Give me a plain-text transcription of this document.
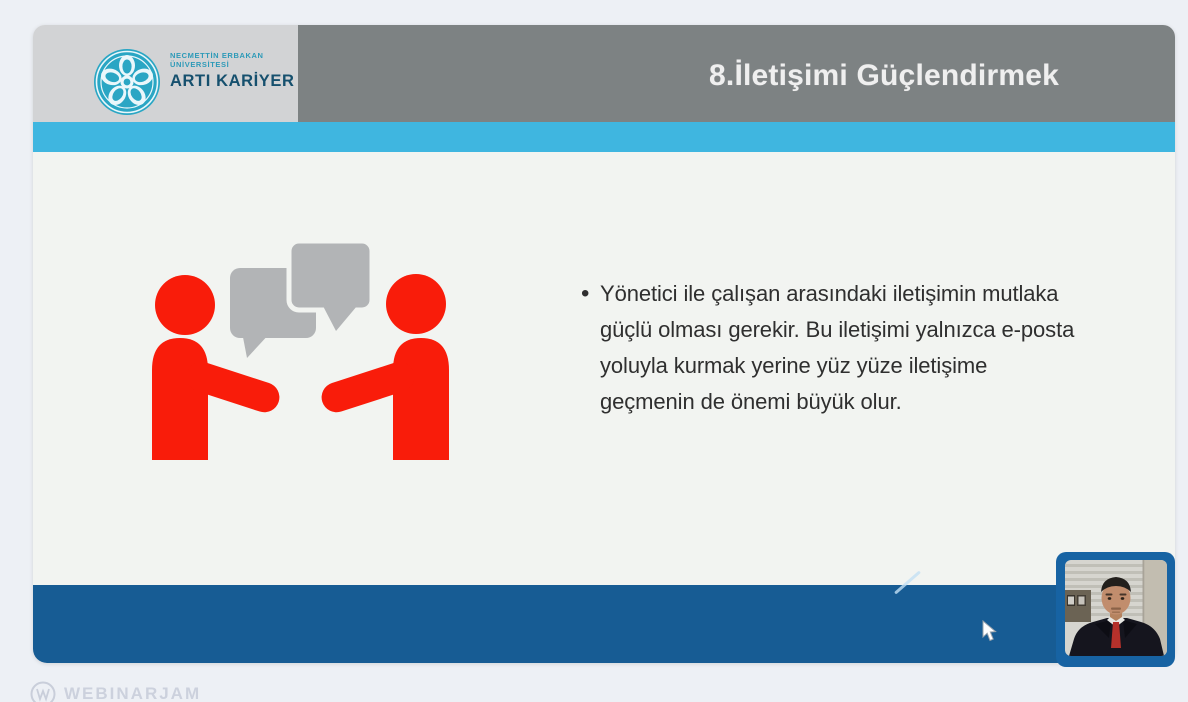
NECMETTİN ERBAKAN
ÜNİVERSİTESİ
ARTI KARİYER	8.İletişimi Güçlendirmek
• Yönetici ile çalışan arasındaki iletişimin mutlaka
güçlü olması gerekir. Bu iletişimi yalnızca e-posta
yoluyla kurmak yerine yüz yüze iletişime
geçmenin de önemi büyük olur.
WEBINARJAM
